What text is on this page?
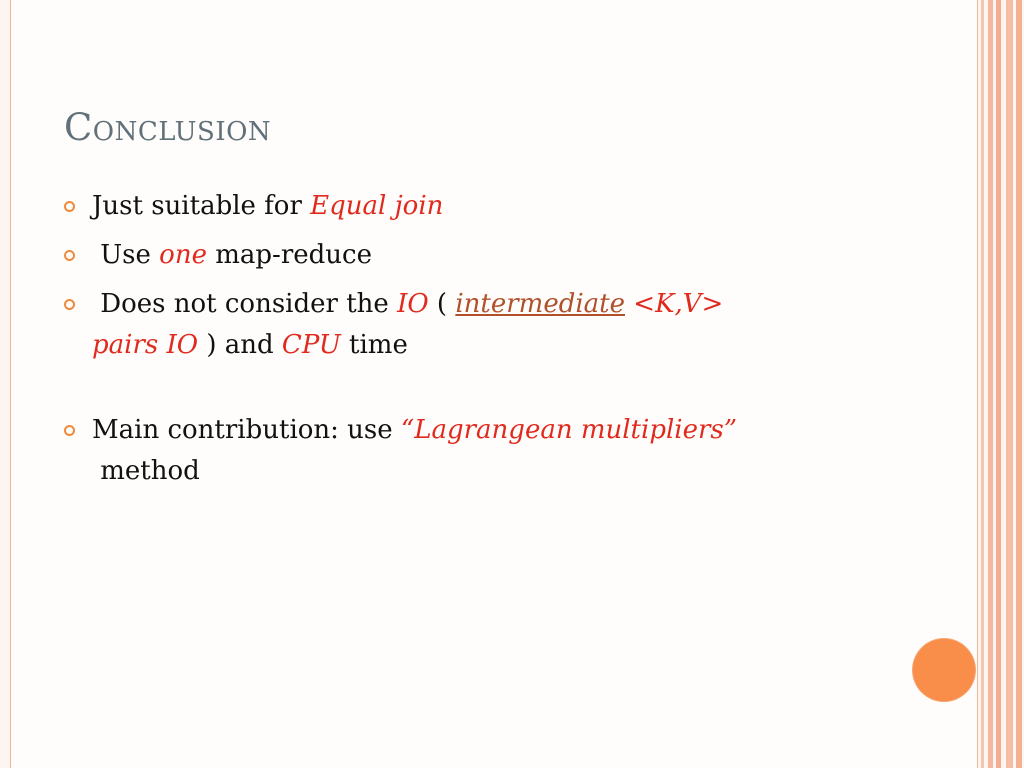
Conclusion
Just suitable for Equal join
Use one map-reduce
Does not consider the IO ( intermediate <K,V>
pairs IO ) and CPU time
Main contribution: use “Lagrangean multipliers”
method
